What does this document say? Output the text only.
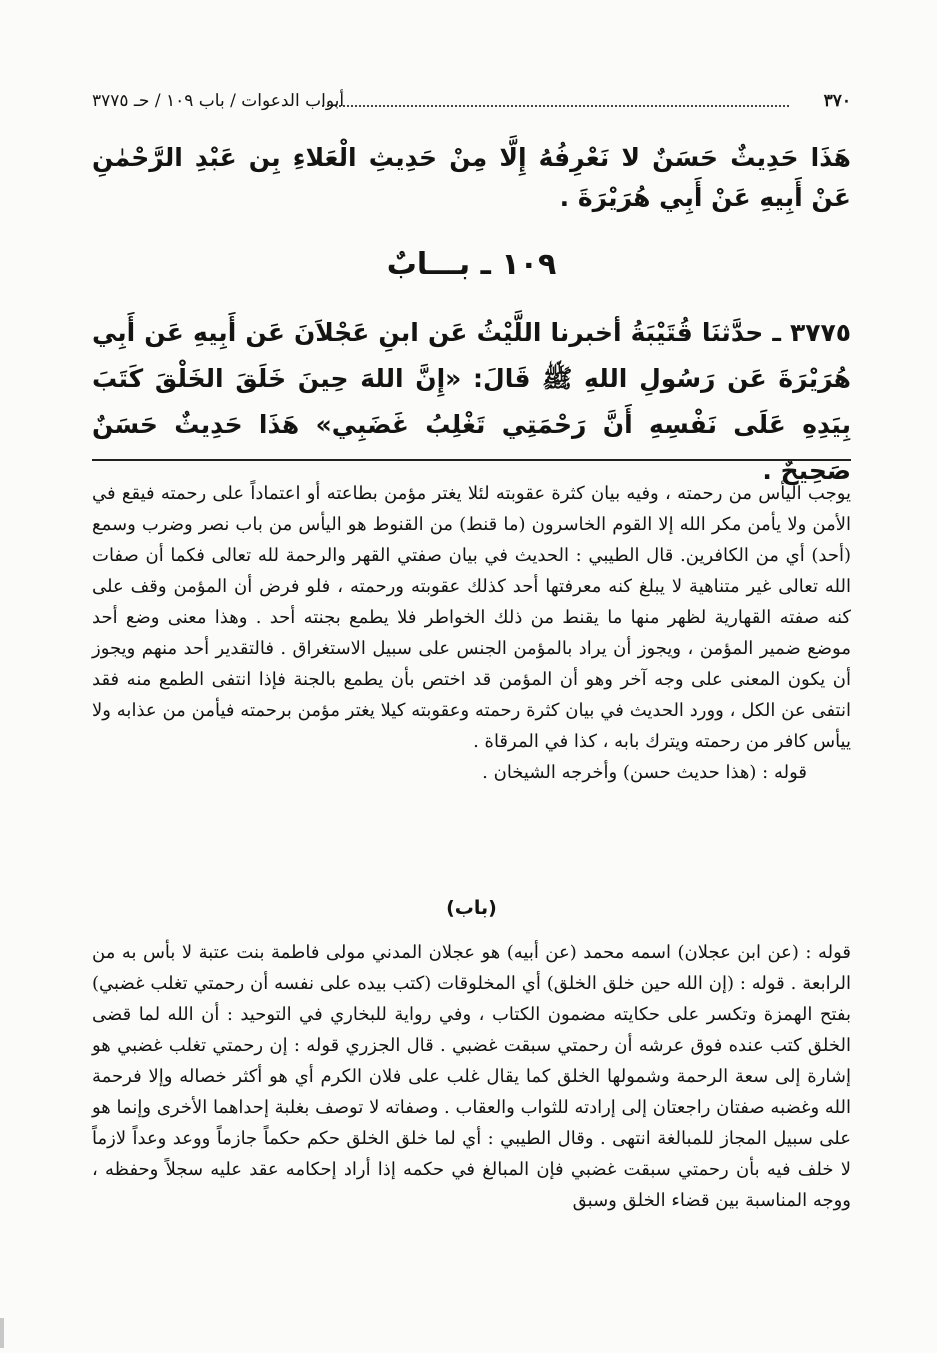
٣٧٠
أبواب الدعوات / باب ١٠٩ / حـ ٣٧٧٥

هَذَا حَدِيثٌ حَسَنٌ لا نَعْرِفُهُ إِلَّا مِنْ حَدِيثِ الْعَلاءِ بِن عَبْدِ الرَّحْمٰنِ عَنْ أَبِيهِ عَنْ أَبِي هُرَيْرَةَ .

١٠٩ ـ بـــابٌ

٣٧٧٥ ـ حدَّثنَا قُتَيْبَةُ أخبرنا اللَّيْثُ عَن ابنِ عَجْلاَنَ عَن أَبِيهِ عَن أَبِي هُرَيْرَةَ عَن رَسُولِ اللهِ ﷺ قَالَ: «إِنَّ اللهَ حِينَ خَلَقَ الخَلْقَ كَتَبَ بِيَدِهِ عَلَى نَفْسِهِ أَنَّ رَحْمَتِي تَغْلِبُ غَضَبِي» هَذَا حَدِيثٌ حَسَنٌ صَحِيحٌ .

يوجب اليأس من رحمته ، وفيه بيان كثرة عقوبته لئلا يغتر مؤمن بطاعته أو اعتماداً على رحمته فيقع في الأمن ولا يأمن مكر الله إلا القوم الخاسرون (ما قنط) من القنوط هو اليأس من باب نصر وضرب وسمع (أحد) أي من الكافرين. قال الطيبي : الحديث في بيان صفتي القهر والرحمة لله تعالى فكما أن صفات الله تعالى غير متناهية لا يبلغ كنه معرفتها أحد كذلك عقوبته ورحمته ، فلو فرض أن المؤمن وقف على كنه صفته القهارية لظهر منها ما يقنط من ذلك الخواطر فلا يطمع بجنته أحد . وهذا معنى وضع أحد موضع ضمير المؤمن ، ويجوز أن يراد بالمؤمن الجنس على سبيل الاستغراق . فالتقدير أحد منهم ويجوز أن يكون المعنى على وجه آخر وهو أن المؤمن قد اختص بأن يطمع بالجنة فإذا انتفى الطمع منه فقد انتفى عن الكل ، وورد الحديث في بيان كثرة رحمته وعقوبته كيلا يغتر مؤمن برحمته فيأمن من عذابه ولا ييأس كافر من رحمته ويترك بابه ، كذا في المرقاة .

قوله : (هذا حديث حسن) وأخرجه الشيخان .

(باب)

قوله : (عن ابن عجلان) اسمه محمد (عن أبيه) هو عجلان المدني مولى فاطمة بنت عتبة لا بأس به من الرابعة . قوله : (إن الله حين خلق الخلق) أي المخلوقات (كتب بيده على نفسه أن رحمتي تغلب غضبي) بفتح الهمزة وتكسر على حكايته مضمون الكتاب ، وفي رواية للبخاري في التوحيد : أن الله لما قضى الخلق كتب عنده فوق عرشه أن رحمتي سبقت غضبي . قال الجزري قوله : إن رحمتي تغلب غضبي هو إشارة إلى سعة الرحمة وشمولها الخلق كما يقال غلب على فلان الكرم أي هو أكثر خصاله وإلا فرحمة الله وغضبه صفتان راجعتان إلى إرادته للثواب والعقاب . وصفاته لا توصف بغلبة إحداهما الأخرى وإنما هو على سبيل المجاز للمبالغة انتهى . وقال الطيبي : أي لما خلق الخلق حكم حكماً جازماً ووعد وعداً لازماً لا خلف فيه بأن رحمتي سبقت غضبي فإن المبالغ في حكمه إذا أراد إحكامه عقد عليه سجلاً وحفظه ، ووجه المناسبة بين قضاء الخلق وسبق
